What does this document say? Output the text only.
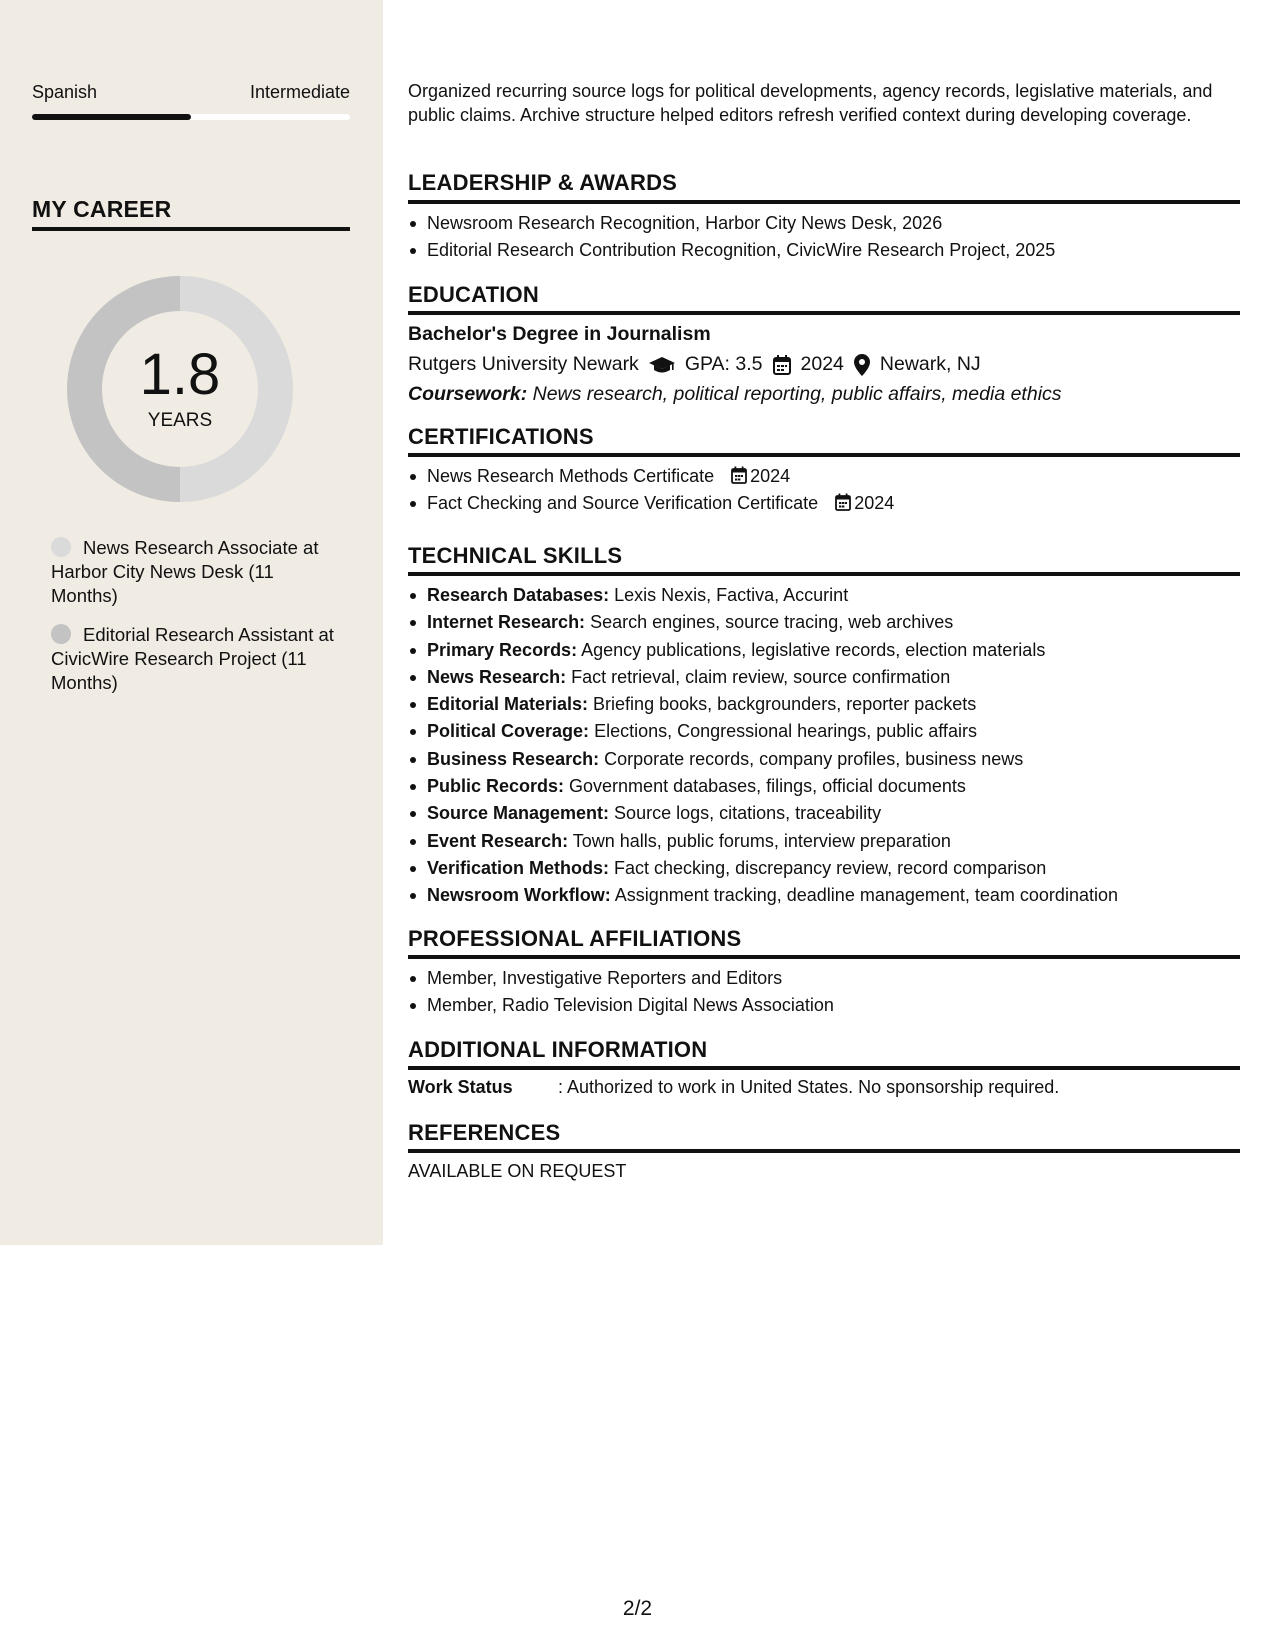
Spanish	Intermediate
MY CAREER
1.8
YEARS
News Research Associate at Harbor City News Desk (11 Months)
Editorial Research Assistant at CivicWire Research Project (11 Months)
Organized recurring source logs for political developments, agency records, legislative materials, and public claims. Archive structure helped editors refresh verified context during developing coverage.
LEADERSHIP & AWARDS
Newsroom Research Recognition, Harbor City News Desk, 2026
Editorial Research Contribution Recognition, CivicWire Research Project, 2025
EDUCATION
Bachelor's Degree in Journalism
Rutgers University Newark GPA: 3.5 2024 Newark, NJ
Coursework: News research, political reporting, public affairs, media ethics
CERTIFICATIONS
News Research Methods Certificate 2024
Fact Checking and Source Verification Certificate 2024
TECHNICAL SKILLS
Research Databases: Lexis Nexis, Factiva, Accurint
Internet Research: Search engines, source tracing, web archives
Primary Records: Agency publications, legislative records, election materials
News Research: Fact retrieval, claim review, source confirmation
Editorial Materials: Briefing books, backgrounders, reporter packets
Political Coverage: Elections, Congressional hearings, public affairs
Business Research: Corporate records, company profiles, business news
Public Records: Government databases, filings, official documents
Source Management: Source logs, citations, traceability
Event Research: Town halls, public forums, interview preparation
Verification Methods: Fact checking, discrepancy review, record comparison
Newsroom Workflow: Assignment tracking, deadline management, team coordination
PROFESSIONAL AFFILIATIONS
Member, Investigative Reporters and Editors
Member, Radio Television Digital News Association
ADDITIONAL INFORMATION
Work Status	: Authorized to work in United States. No sponsorship required.
REFERENCES
AVAILABLE ON REQUEST
2/2
